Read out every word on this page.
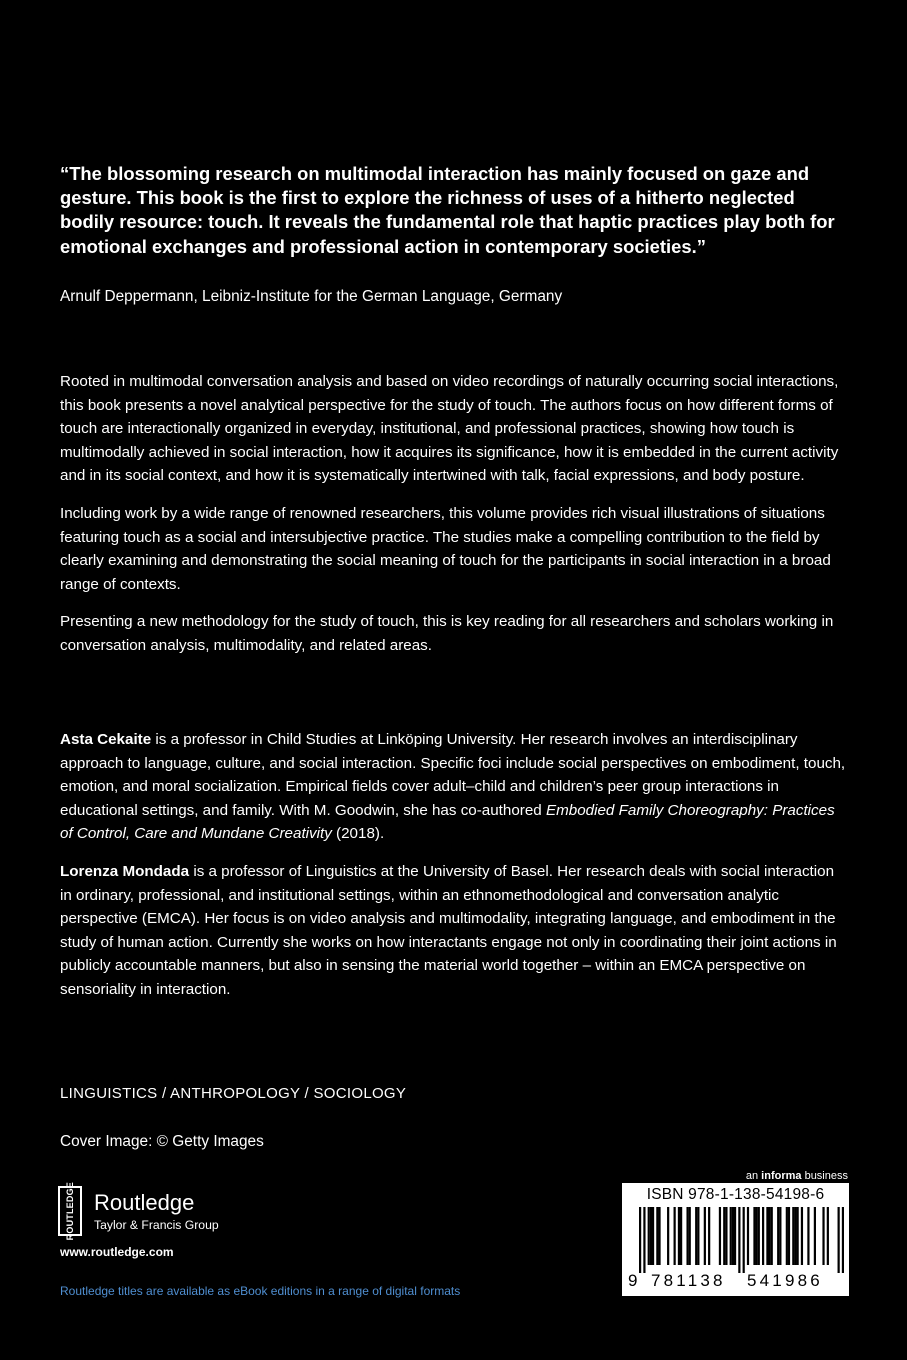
“The blossoming research on multimodal interaction has mainly focused on gaze and gesture. This book is the first to explore the richness of uses of a hitherto neglected bodily resource: touch. It reveals the fundamental role that haptic practices play both for emotional exchanges and professional action in contemporary societies.”

Arnulf Deppermann, Leibniz-Institute for the German Language, Germany

Rooted in multimodal conversation analysis and based on video recordings of naturally occurring social interactions, this book presents a novel analytical perspective for the study of touch. The authors focus on how different forms of touch are interactionally organized in everyday, institutional, and professional practices, showing how touch is multimodally achieved in social interaction, how it acquires its significance, how it is embedded in the current activity and in its social context, and how it is systematically intertwined with talk, facial expressions, and body posture.

Including work by a wide range of renowned researchers, this volume provides rich visual illustrations of situations featuring touch as a social and intersubjective practice. The studies make a compelling contribution to the field by clearly examining and demonstrating the social meaning of touch for the participants in social interaction in a broad range of contexts.

Presenting a new methodology for the study of touch, this is key reading for all researchers and scholars working in conversation analysis, multimodality, and related areas.

Asta Cekaite is a professor in Child Studies at Linköping University. Her research involves an interdisciplinary approach to language, culture, and social interaction. Specific foci include social perspectives on embodiment, touch, emotion, and moral socialization. Empirical fields cover adult–child and children’s peer group interactions in educational settings, and family. With M. Goodwin, she has co-authored Embodied Family Choreography: Practices of Control, Care and Mundane Creativity (2018).

Lorenza Mondada is a professor of Linguistics at the University of Basel. Her research deals with social interaction in ordinary, professional, and institutional settings, within an ethnomethodological and conversation analytic perspective (EMCA). Her focus is on video analysis and multimodality, integrating language, and embodiment in the study of human action. Currently she works on how interactants engage not only in coordinating their joint actions in publicly accountable manners, but also in sensing the material world together – within an EMCA perspective on sensoriality in interaction.

LINGUISTICS / ANTHROPOLOGY / SOCIOLOGY

Cover Image: © Getty Images

ROUTLEDGE Routledge
Taylor & Francis Group
www.routledge.com
Routledge titles are available as eBook editions in a range of digital formats
an informa business
ISBN 978-1-138-54198-6
9 781138 541986
